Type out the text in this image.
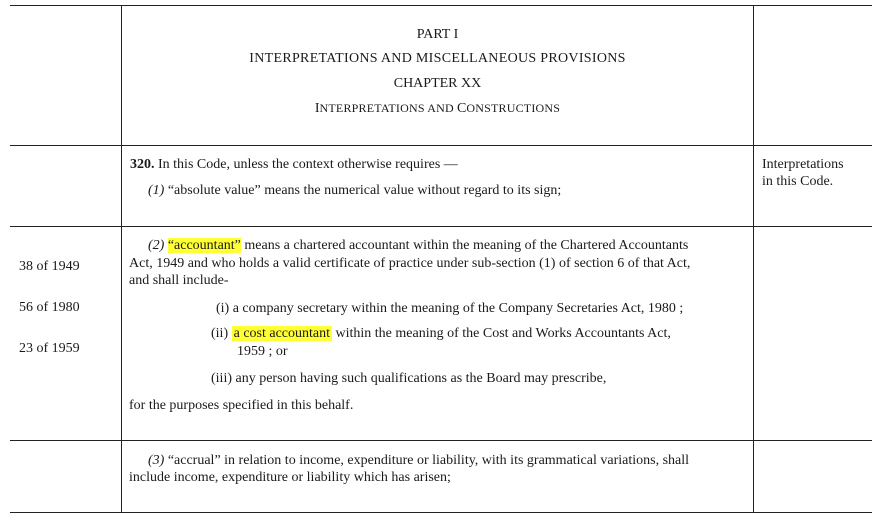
PART I
INTERPRETATIONS AND MISCELLANEOUS PROVISIONS
CHAPTER XX
INTERPRETATIONS AND CONSTRUCTIONS
320. In this Code, unless the context otherwise requires —
(1) “absolute value” means the numerical value without regard to its sign;
Interpretations
in this Code.
(2) “accountant” means a chartered accountant within the meaning of the Chartered Accountants
Act, 1949 and who holds a valid certificate of practice under sub-section (1) of section 6 of that Act,
and shall include-
(i) a company secretary within the meaning of the Company Secretaries Act, 1980 ;
(ii) a cost accountant within the meaning of the Cost and Works Accountants Act,
1959 ; or
(iii) any person having such qualifications as the Board may prescribe,
for the purposes specified in this behalf.
38 of 1949
56 of 1980
23 of 1959
(3) “accrual” in relation to income, expenditure or liability, with its grammatical variations, shall
include income, expenditure or liability which has arisen;
